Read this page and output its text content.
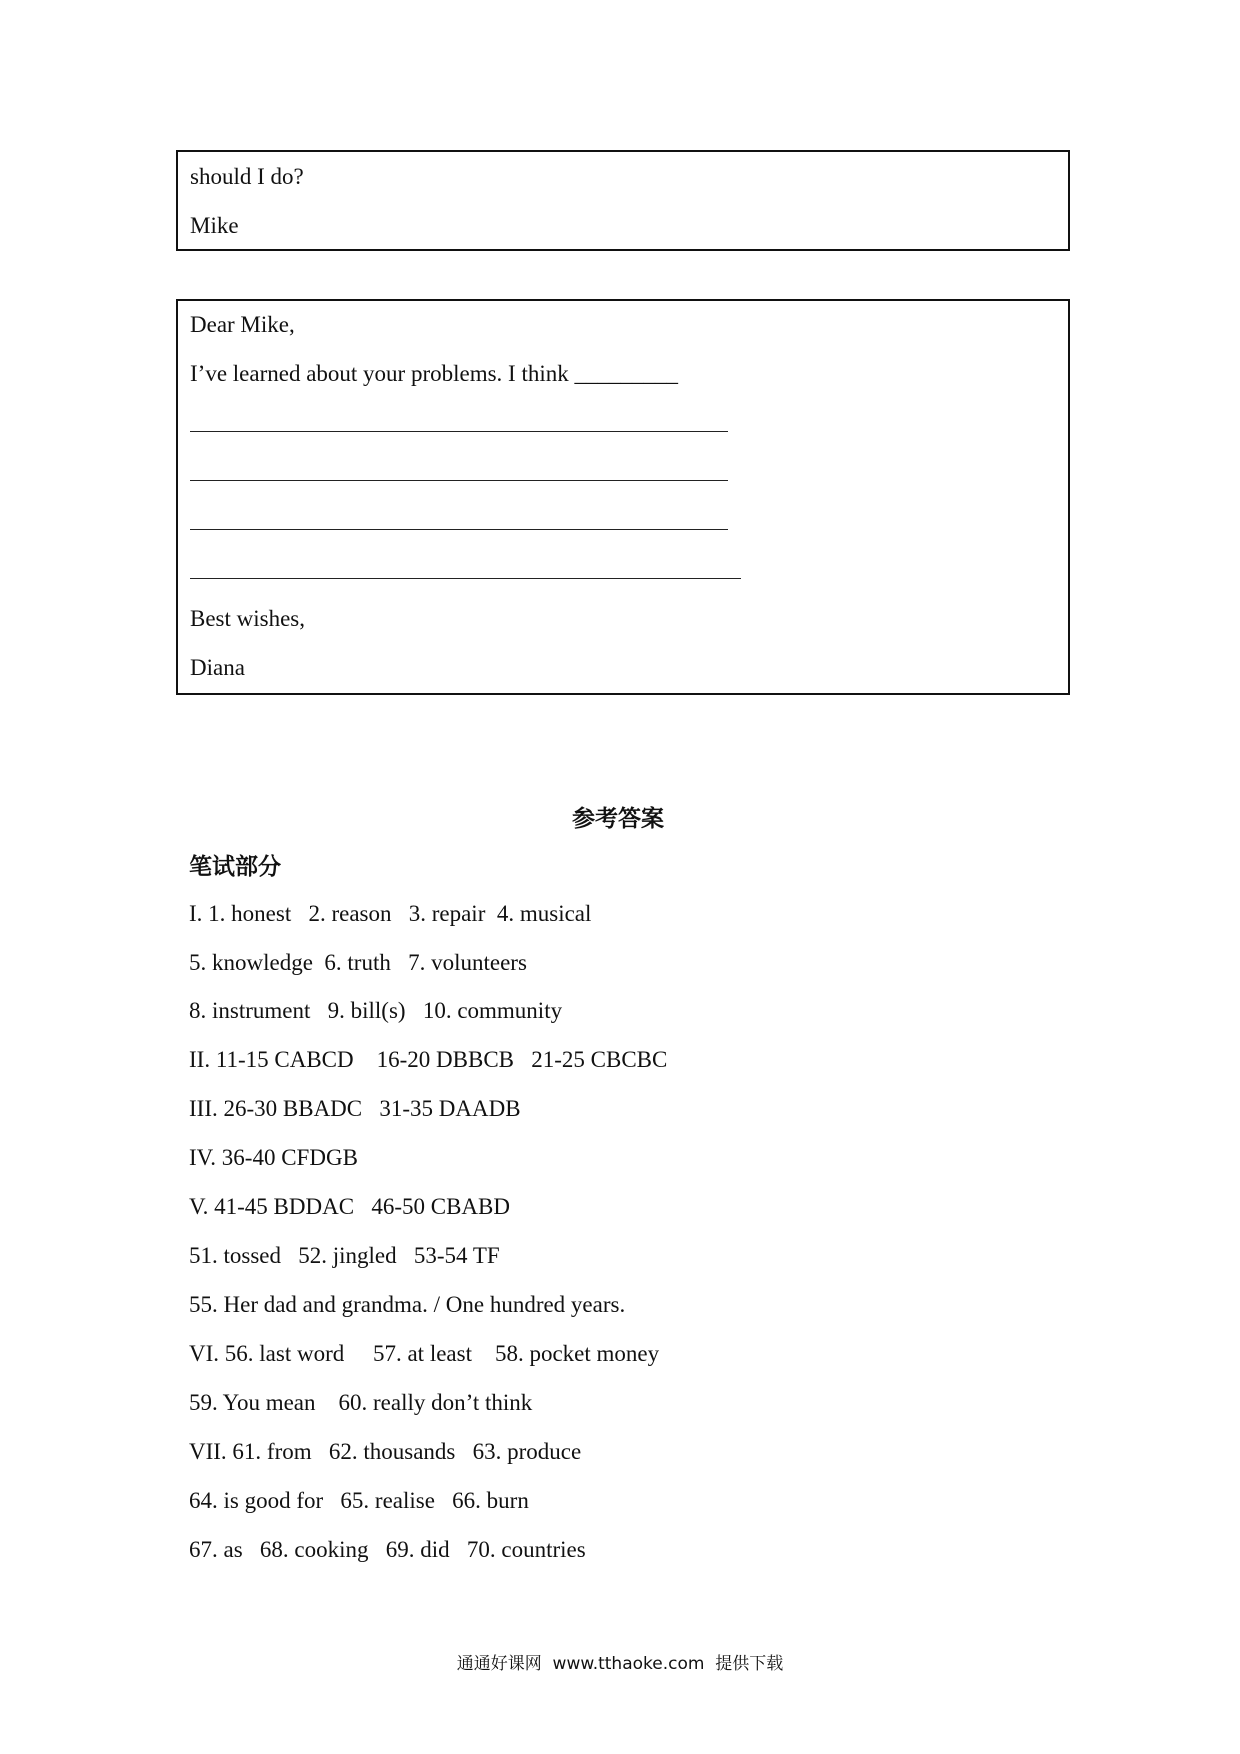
should I do?
Mike
Dear Mike,
I’ve learned about your problems. I think _________
Best wishes,
Diana
参考答案
笔试部分
I. 1. honest   2. reason   3. repair  4. musical
5. knowledge  6. truth   7. volunteers
8. instrument   9. bill(s)   10. community
II. 11-15 CABCD    16-20 DBBCB   21-25 CBCBC
III. 26-30 BBADC   31-35 DAADB
IV. 36-40 CFDGB
V. 41-45 BDDAC   46-50 CBABD
51. tossed   52. jingled   53-54 TF
55. Her dad and grandma. / One hundred years.
VI. 56. last word     57. at least    58. pocket money
59. You mean    60. really don’t think
VII. 61. from   62. thousands   63. produce
64. is good for   65. realise   66. burn
67. as   68. cooking   69. did   70. countries
通通好课网  www.tthaoke.com  提供下载
